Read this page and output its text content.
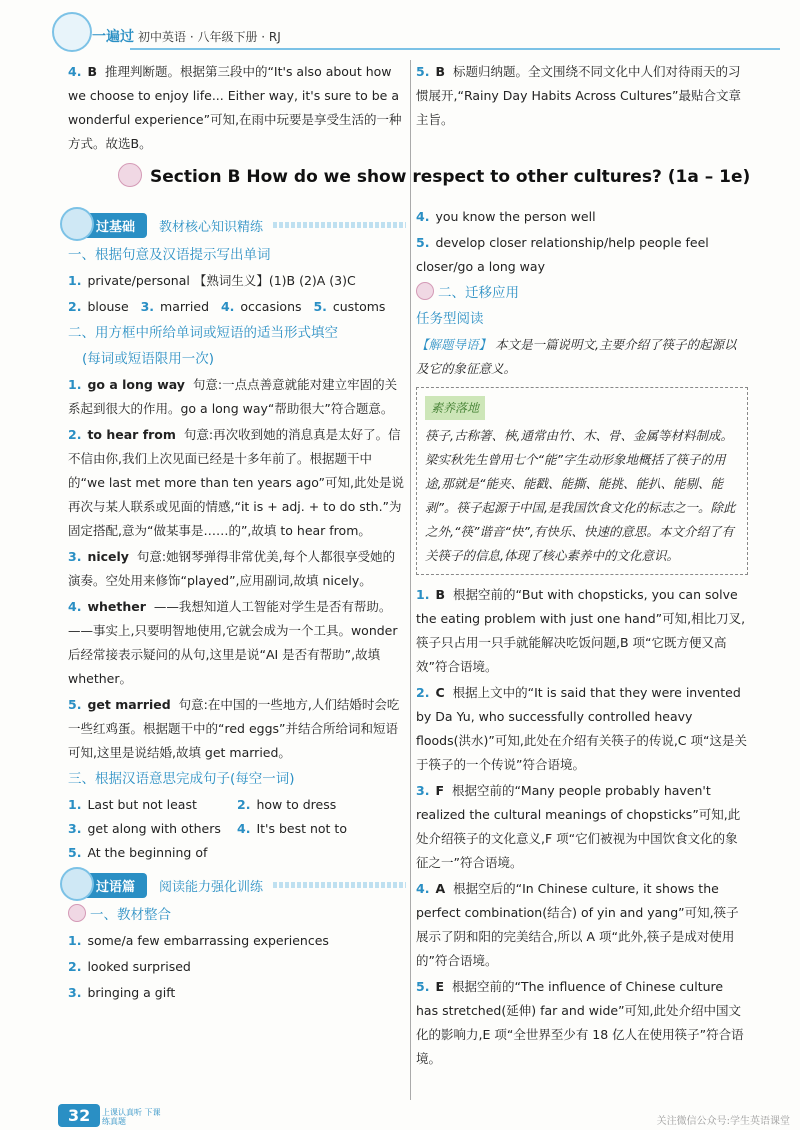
一遍过 初中英语 · 八年级下册 · RJ

4. B 推理判断题。根据第三段中的“It's also about how we choose to enjoy life... Either way, it's sure to be a wonderful experience”可知,在雨中玩要是享受生活的一种方式。故选B。

5. B 标题归纳题。全文围绕不同文化中人们对待雨天的习惯展开,“Rainy Day Habits Across Cultures”最贴合文章主旨。

Section B How do we show respect to other cultures? (1a – 1e)
过基础	教材核心知识精练
一、根据句意及汉语提示写出单词

1. private/personal 【熟词生义】(1)B (2)A (3)C

2. blouse 3. married 4. occasions 5. customs

二、用方框中所给单词或短语的适当形式填空
(每词或短语限用一次)

1. go a long way 句意:一点点善意就能对建立牢固的关系起到很大的作用。go a long way“帮助很大”符合题意。

2. to hear from 句意:再次收到她的消息真是太好了。信不信由你,我们上次见面已经是十多年前了。根据题干中的“we last met more than ten years ago”可知,此处是说再次与某人联系或见面的情感,“it is + adj. + to do sth.”为固定搭配,意为“做某事是……的”,故填 to hear from。

3. nicely 句意:她钢琴弹得非常优美,每个人都很享受她的演奏。空处用来修饰“played”,应用副词,故填 nicely。

4. whether ——我想知道人工智能对学生是否有帮助。——事实上,只要明智地使用,它就会成为一个工具。wonder 后经常接表示疑问的从句,这里是说“AI 是否有帮助”,故填 whether。

5. get married 句意:在中国的一些地方,人们结婚时会吃一些红鸡蛋。根据题干中的“red eggs”并结合所给词和短语可知,这里是说结婚,故填 get married。

三、根据汉语意思完成句子(每空一词)
1. Last but not least	2. how to dress
3. get along with others	4. It's best not to

5. At the beginning of

过语篇	阅读能力强化训练
一、教材整合

1. some/a few embarrassing experiences

2. looked surprised

3. bringing a gift

4. you know the person well

5. develop closer relationship/help people feel closer/go a long way

二、迁移应用
任务型阅读

【解题导语】 本文是一篇说明文,主要介绍了筷子的起源以及它的象征意义。

素养落地
筷子,古称箸、梜,通常由竹、木、骨、金属等材料制成。梁实秋先生曾用七个“能”字生动形象地概括了筷子的用途,那就是“能夹、能戳、能撕、能挑、能扒、能剔、能剥”。筷子起源于中国,是我国饮食文化的标志之一。除此之外,“筷”谐音“快”,有快乐、快速的意思。本文介绍了有关筷子的信息,体现了核心素养中的文化意识。

1. B 根据空前的“But with chopsticks, you can solve the eating problem with just one hand”可知,相比刀叉,筷子只占用一只手就能解决吃饭问题,B 项“它既方便又高效”符合语境。

2. C 根据上文中的“It is said that they were invented by Da Yu, who successfully controlled heavy floods(洪水)”可知,此处在介绍有关筷子的传说,C 项“这是关于筷子的一个传说”符合语境。

3. F 根据空前的“Many people probably haven't realized the cultural meanings of chopsticks”可知,此处介绍筷子的文化意义,F 项“它们被视为中国饮食文化的象征之一”符合语境。

4. A 根据空后的“In Chinese culture, it shows the perfect combination(结合) of yin and yang”可知,筷子展示了阴和阳的完美结合,所以 A 项“此外,筷子是成对使用的”符合语境。

5. E 根据空前的“The influence of Chinese culture has stretched(延伸) far and wide”可知,此处介绍中国文化的影响力,E 项“全世界至少有 18 亿人在使用筷子”符合语境。

32	上课认真听 下课练真题	关注微信公众号:学生英语课堂
